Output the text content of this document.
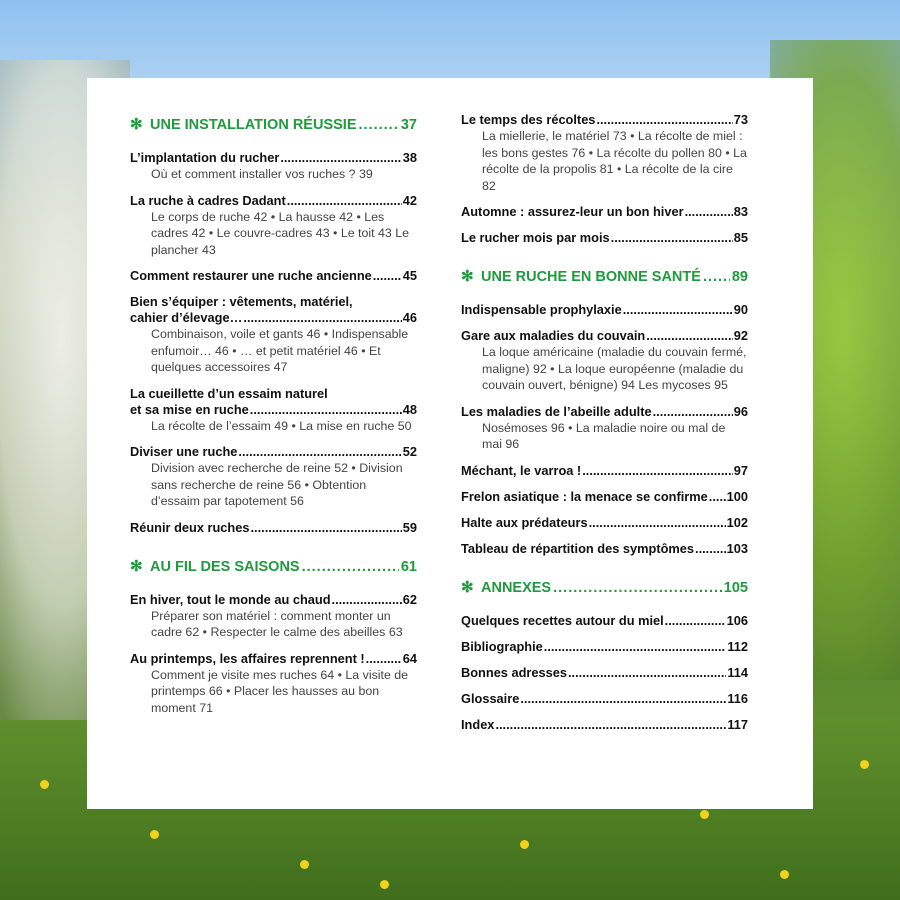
✻ UNE INSTALLATION RÉUSSIE .....	37
L’implantation du rucher .....	38
Où et comment installer vos ruches ? 39
La ruche à cadres Dadant .....	42
Le corps de ruche 42 • La hausse 42 • Les cadres 42 • Le couvre-cadres 43 • Le toit 43 Le plancher 43
Comment restaurer une ruche ancienne ..... 45
Bien s’équiper : vêtements, matériel,
cahier d’élevage… .....	46
Combinaison, voile et gants 46 • Indispensable enfumoir… 46 • … et petit matériel 46 • Et quelques accessoires 47
La cueillette d’un essaim naturel
et sa mise en ruche .....	48
La récolte de l’essaim 49 • La mise en ruche 50
Diviser une ruche .....	52
Division avec recherche de reine 52 • Division sans recherche de reine 56 • Obtention d’essaim par tapotement 56
Réunir deux ruches .....	59
✻ AU FIL DES SAISONS .....	61
En hiver, tout le monde au chaud .....	62
Préparer son matériel : comment monter un cadre 62 • Respecter le calme des abeilles 63
Au printemps, les affaires reprennent ! .....	64
Comment je visite mes ruches 64 • La visite de printemps 66 • Placer les hausses au bon moment 71
Le temps des récoltes .....	73
La miellerie, le matériel 73 • La récolte de miel : les bons gestes 76 • La récolte du pollen 80 • La récolte de la propolis 81 • La récolte de la cire 82
Automne : assurez-leur un bon hiver .....	83
Le rucher mois par mois .....	85
✻ UNE RUCHE EN BONNE SANTÉ ..... 89
Indispensable prophylaxie .....	90
Gare aux maladies du couvain .....	92
La loque américaine (maladie du couvain fermé, maligne) 92 • La loque européenne (maladie du couvain ouvert, bénigne) 94 Les mycoses 95
Les maladies de l’abeille adulte .....	96
Nosémoses 96 • La maladie noire ou mal de mai 96
Méchant, le varroa ! .....	97
Frelon asiatique : la menace se confirme ..... 100
Halte aux prédateurs .....	102
Tableau de répartition des symptômes .....	103
✻ ANNEXES .....	105
Quelques recettes autour du miel .....	106
Bibliographie .....	112
Bonnes adresses .....	114
Glossaire .....	116
Index .....	117
